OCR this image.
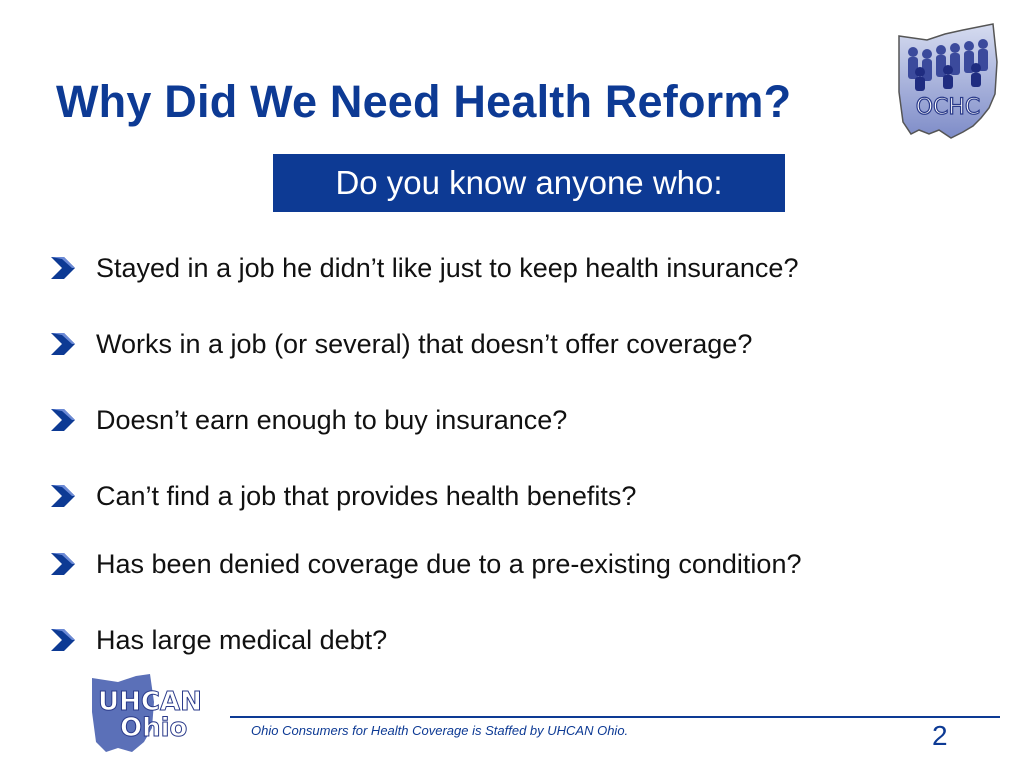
Why Did We Need Health Reform?	OCHC
Do you know anyone who:
Stayed in a job he didn’t like just to keep health insurance?
Works in a job (or several) that doesn’t offer coverage?
Doesn’t earn enough to buy insurance?
Can’t find a job that provides health benefits?
Has been denied coverage due to a pre-existing condition?
Has large medical debt?
UHCAN
Ohio	Ohio Consumers for Health Coverage is Staffed by UHCAN Ohio.	2
